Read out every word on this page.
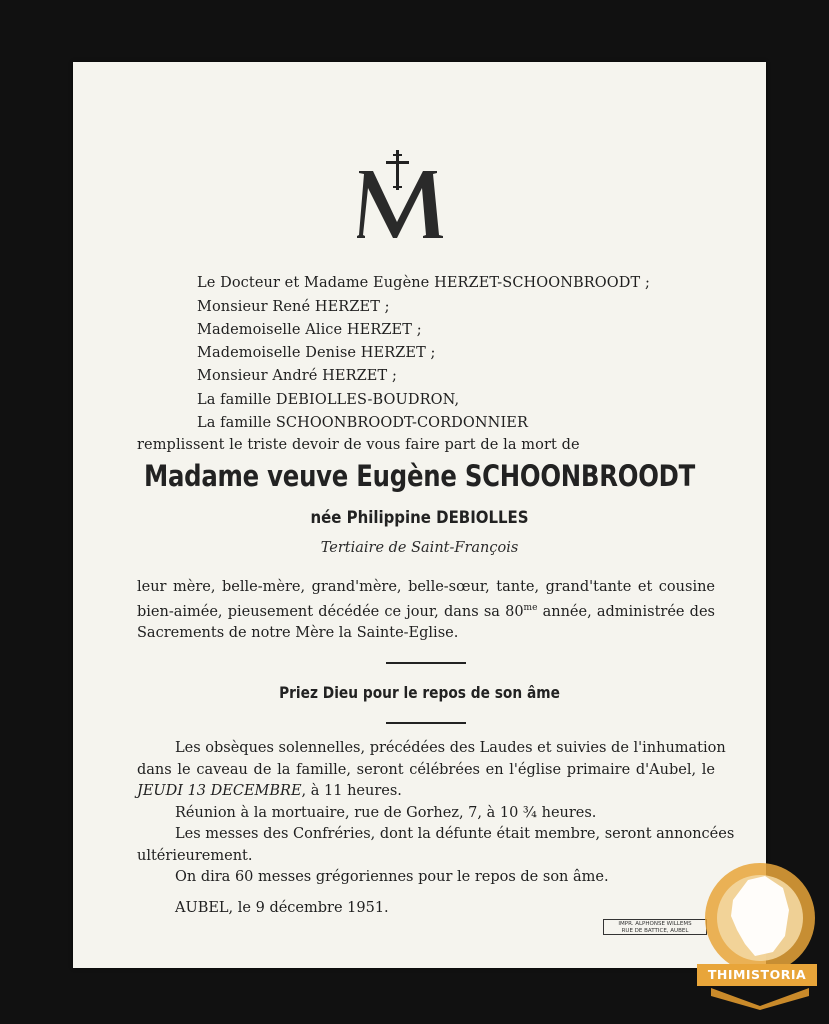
Le Docteur et Madame Eugène HERZET-SCHOONBROODT ;
Monsieur René HERZET ;
Mademoiselle Alice HERZET ;
Mademoiselle Denise HERZET ;
Monsieur André HERZET ;
La famille DEBIOLLES-BOUDRON,
La famille SCHOONBROODT-CORDONNIER
remplissent le triste devoir de vous faire part de la mort de
Madame veuve Eugène SCHOONBROODT
née Philippine DEBIOLLES
Tertiaire de Saint-François
leur mère, belle-mère, grand'mère, belle-sœur, tante, grand'tante et cousine
bien-aimée, pieusement décédée ce jour, dans sa $80^{me}$ année, administrée des
Sacrements de notre Mère la Sainte-Eglise.
Priez Dieu pour le repos de son âme
Les obsèques solennelles, précédées des Laudes et suivies de l'inhumation
dans le caveau de la famille, seront célébrées en l'église primaire d'Aubel, le
JEUDI 13 DECEMBRE, à 11 heures.
Réunion à la mortuaire, rue de Gorhez, 7, à 10 ¾ heures.
Les messes des Confréries, dont la défunte était membre, seront annoncées
ultérieurement.
On dira 60 messes grégoriennes pour le repos de son âme.
AUBEL, le 9 décembre 1951.
IMPR. ALPHONSE WILLEMS
RUE DE BATTICE, AUBEL
THIMISTORIA
